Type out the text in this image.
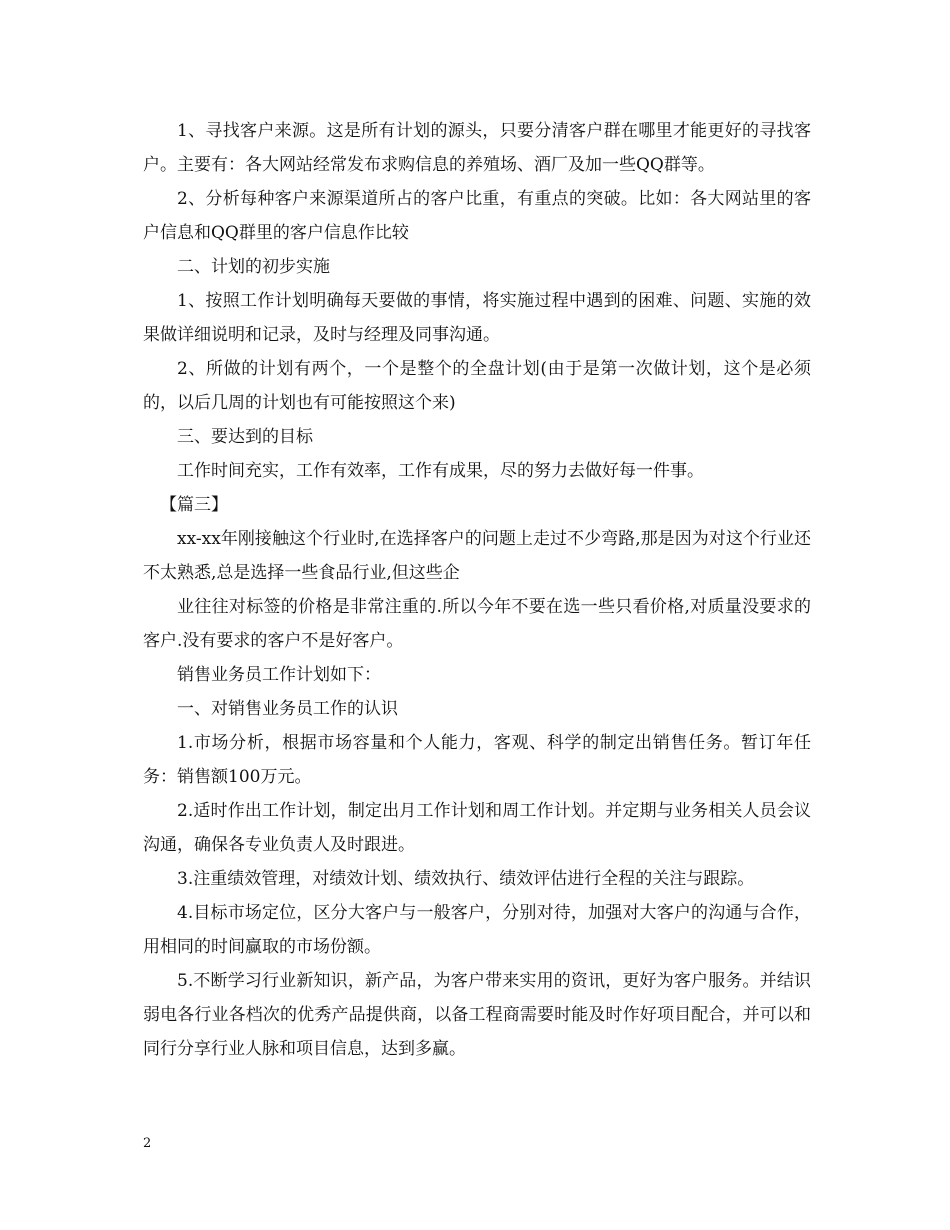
1、寻找客户来源。这是所有计划的源头，只要分清客户群在哪里才能更好的寻找客户。主要有：各大网站经常发布求购信息的养殖场、酒厂及加一些QQ群等。

2、分析每种客户来源渠道所占的客户比重，有重点的突破。比如：各大网站里的客户信息和QQ群里的客户信息作比较

二、计划的初步实施

1、按照工作计划明确每天要做的事情，将实施过程中遇到的困难、问题、实施的效果做详细说明和记录，及时与经理及同事沟通。

2、所做的计划有两个，一个是整个的全盘计划(由于是第一次做计划，这个是必须的，以后几周的计划也有可能按照这个来)

三、要达到的目标

工作时间充实，工作有效率，工作有成果，尽的努力去做好每一件事。

【篇三】

xx-xx年刚接触这个行业时,在选择客户的问题上走过不少弯路,那是因为对这个行业还不太熟悉,总是选择一些食品行业,但这些企

业往往对标签的价格是非常注重的.所以今年不要在选一些只看价格,对质量没要求的客户.没有要求的客户不是好客户。

销售业务员工作计划如下：

一、对销售业务员工作的认识

1.市场分析，根据市场容量和个人能力，客观、科学的制定出销售任务。暂订年任务：销售额100万元。

2.适时作出工作计划，制定出月工作计划和周工作计划。并定期与业务相关人员会议沟通，确保各专业负责人及时跟进。

3.注重绩效管理，对绩效计划、绩效执行、绩效评估进行全程的关注与跟踪。

4.目标市场定位，区分大客户与一般客户，分别对待，加强对大客户的沟通与合作，用相同的时间赢取的市场份额。

5.不断学习行业新知识，新产品，为客户带来实用的资讯，更好为客户服务。并结识弱电各行业各档次的优秀产品提供商，以备工程商需要时能及时作好项目配合，并可以和同行分享行业人脉和项目信息，达到多赢。

2
